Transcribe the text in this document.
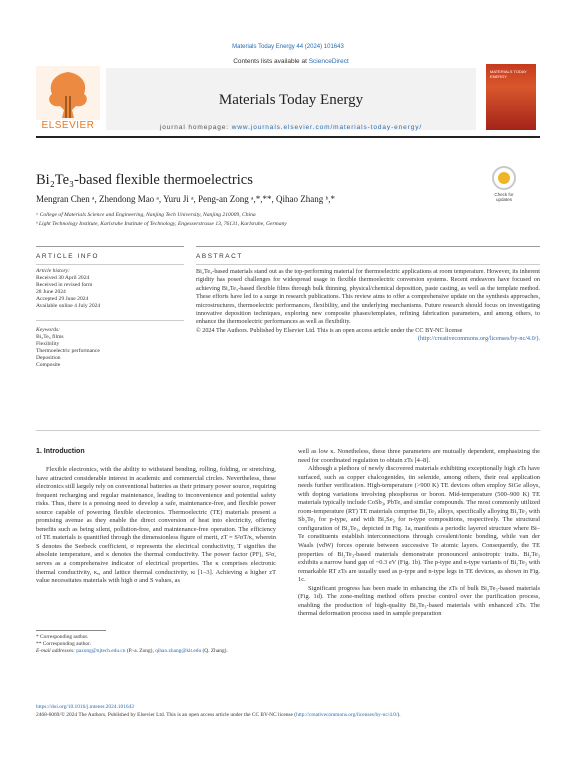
Materials Today Energy 44 (2024) 101643
ELSEVIER
Contents lists available at ScienceDirect
Materials Today Energy
journal homepage: www.journals.elsevier.com/materials-today-energy/
MATERIALS TODAY ENERGY
Bi₂Te₃-based flexible thermoelectrics
Check for updates
Mengran Chen ᵃ, Zhendong Mao ᵃ, Yuru Ji ᵃ, Peng-an Zong ᵃ,*,**, Qihao Zhang ᵇ,*
ᵃ College of Materials Science and Engineering, Nanjing Tech University, Nanjing 210009, China
ᵇ Light Technology Institute, Karlsruhe Institute of Technology, Engesserstrasse 13, 76131, Karlsruhe, Germany
ARTICLE INFO	ABSTRACT
Article history:
Received 30 April 2024
Received in revised form
28 June 2024
Accepted 29 June 2024
Available online 4 July 2024
Keywords:
Bi₂Te₃ films
Flexibility
Thermoelectric performance
Deposition
Composite
Bi₂Te₃-based materials stand out as the top-performing material for thermoelectric applications at room temperature. However, its inherent rigidity has posed challenges for widespread usage in flexible thermoelectric conversion systems. Recent endeavors have focused on achieving Bi₂Te₃-based flexible films through bulk thinning, physical/chemical deposition, paste casting, as well as the template method. These efforts have led to a surge in research publications. This review aims to offer a comprehensive update on the synthesis approaches, microstructures, thermoelectric performances, flexibility, and the underlying mechanisms. Future research should focus on investigating innovative deposition techniques, exploring new composite phases/templates, refining fabrication parameters, and among others, to enhance the thermoelectric performances as well as flexibility.
© 2024 The Authors. Published by Elsevier Ltd. This is an open access article under the CC BY-NC license
(http://creativecommons.org/licenses/by-nc/4.0/).
1. Introduction

Flexible electronics, with the ability to withstand bending, rolling, folding, or stretching, have attracted considerable interest in academic and commercial circles. Nevertheless, these electronics still largely rely on conventional batteries as their primary power source, requiring frequent recharging and regular maintenance, leading to inconvenience and potential safety risks. Thus, there is a pressing need to develop a safe, maintenance-free, and flexible power source capable of powering flexible electronics. Thermoelectric (TE) materials present a promising avenue as they enable the direct conversion of heat into electricity, offering benefits such as being silent, pollution-free, and maintenance-free operation. The efficiency of TE materials is quantified through the dimensionless figure of merit, zT = S²σT/κ, wherein S denotes the Seebeck coefficient, σ represents the electrical conductivity, T signifies the absolute temperature, and κ denotes the thermal conductivity. The power factor (PF), S²σ, serves as a comprehensive indicator of electrical properties. The κ comprises electronic thermal conductivity, κₑ, and lattice thermal conductivity, κₗ [1–3]. Achieving a higher zT value necessitates materials with high σ and S values, as

well as low κ. Nonetheless, these three parameters are mutually dependent, emphasizing the need for coordinated regulation to obtain zTs [4–8].

Although a plethora of newly discovered materials exhibiting exceptionally high zTs have surfaced, such as copper chalcogenides, tin selenide, among others, their real application needs further verification. High-temperature (>900 K) TE devices often employ SiGe alloys, with doping variations involving phosphorus or boron. Mid-temperature (500–900 K) TE materials typically include CoSb₃, PbTe, and similar compounds. The most commonly utilized room-temperature (RT) TE materials comprise Bi₂Te₃ alloys, specifically alloying Bi₂Te₃ with Sb₂Te₃ for p-type, and with Bi₂Se₃ for n-type compositions, respectively. The structural configuration of Bi₂Te₃, depicted in Fig. 1a, manifests a periodic layered structure where Bi–Te constituents establish interconnections through covalent/ionic bonding, while van der Waals (vdW) forces operate between successive Te atomic layers. Consequently, the TE properties of Bi₂Te₃-based materials demonstrate pronounced anisotropic traits. Bi₂Te₃ exhibits a narrow band gap of ~0.3 eV (Fig. 1b). The p-type and n-type variants of Bi₂Te₃ with remarkable RT zTs are usually used as p-type and n-type legs in TE devices, as shown in Fig. 1c.

Significant progress has been made in enhancing the zTs of bulk Bi₂Te₃-based materials (Fig. 1d). The zone-melting method offers precise control over the purification process, enabling the production of high-quality Bi₂Te₃-based materials with enhanced zTs. The thermal deformation process used in sample preparation

* Corresponding author.
** Corresponding author.
E-mail addresses: pazong@njtech.edu.cn (P.-a. Zong), qihao.zhang@kit.edu (Q. Zhang).
https://doi.org/10.1016/j.mtener.2024.101643
2468-6069/© 2024 The Authors. Published by Elsevier Ltd. This is an open access article under the CC BY-NC license (http://creativecommons.org/licenses/by-nc/4.0/).
